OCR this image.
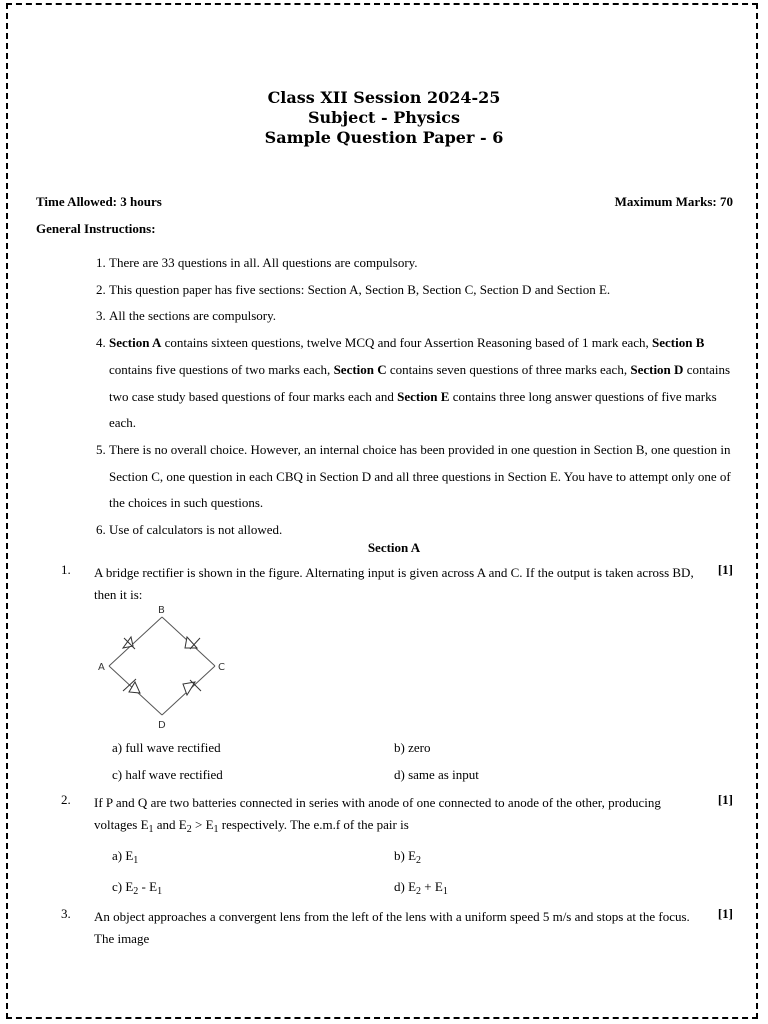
Class XII Session 2024-25
Subject - Physics
Sample Question Paper - 6
Time Allowed: 3 hours	Maximum Marks: 70
General Instructions:
1. There are 33 questions in all. All questions are compulsory.
2. This question paper has five sections: Section A, Section B, Section C, Section D and Section E.
3. All the sections are compulsory.
4. Section A contains sixteen questions, twelve MCQ and four Assertion Reasoning based of 1 mark each, Section B contains five questions of two marks each, Section C contains seven questions of three marks each, Section D contains two case study based questions of four marks each and Section E contains three long answer questions of five marks each.
5. There is no overall choice. However, an internal choice has been provided in one question in Section B, one question in Section C, one question in each CBQ in Section D and all three questions in Section E. You have to attempt only one of the choices in such questions.
6. Use of calculators is not allowed.
Section A
1. A bridge rectifier is shown in the figure. Alternating input is given across A and C. If the output is taken across BD, then it is:
[1]
B
A	C
D
a) full wave rectified	b) zero
c) half wave rectified	d) same as input
2. If P and Q are two batteries connected in series with anode of one connected to anode of the other, producing voltages $E_1$ and $E_2 > E_1$ respectively. The e.m.f of the pair is
[1]
a) $E_1$	b) $E_2$
c) $E_2 - E_1$	d) $E_2 + E_1$
3. An object approaches a convergent lens from the left of the lens with a uniform speed 5 m/s and stops at the focus. The image
[1]
